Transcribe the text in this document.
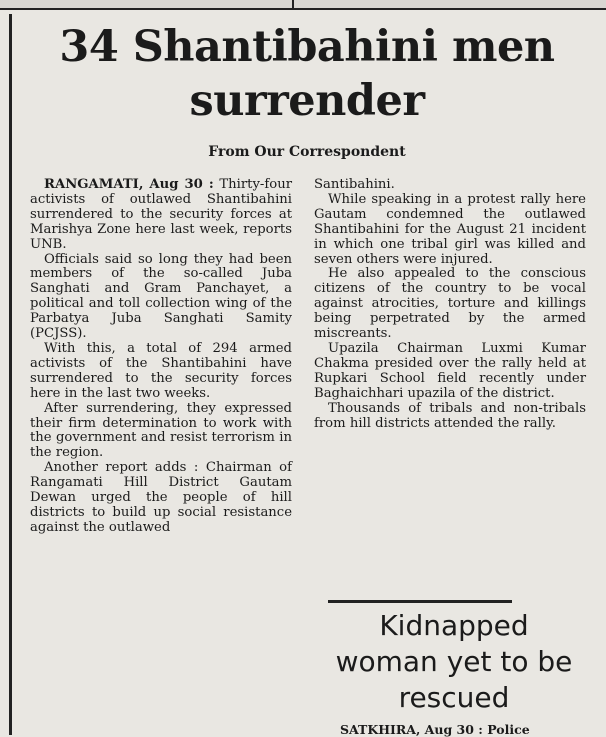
34 Shantibahini men
surrender

From Our Correspondent

RANGAMATI, Aug 30 : Thirty-four activists of outlawed Shantibahini surrendered to the security forces at Marishya Zone here last week, reports UNB.

Officials said so long they had been members of the so-called Juba Sanghati and Gram Panchayet, a political and toll collection wing of the Parbatya Juba Sanghati Samity (PCJSS).

With this, a total of 294 armed activists of the Shantibahini have surrendered to the security forces here in the last two weeks.

After surrendering, they expressed their firm determination to work with the government and resist terrorism in the region.

Another report adds : Chairman of Rangamati Hill District Gautam Dewan urged the people of hill districts to build up social resistance against the outlawed

Santibahini.

While speaking in a protest rally here Gautam condemned the outlawed Shantibahini for the August 21 incident in which one tribal girl was killed and seven others were injured.

He also appealed to the conscious citizens of the country to be vocal against atrocities, torture and killings being perpetrated by the armed miscreants.

Upazila Chairman Luxmi Kumar Chakma presided over the rally held at Rupkari School field recently under Baghaichhari upazila of the district.

Thousands of tribals and non-tribals from hill districts attended the rally.

Kidnapped woman yet to be rescued

SATKHIRA, Aug 30 : Police
